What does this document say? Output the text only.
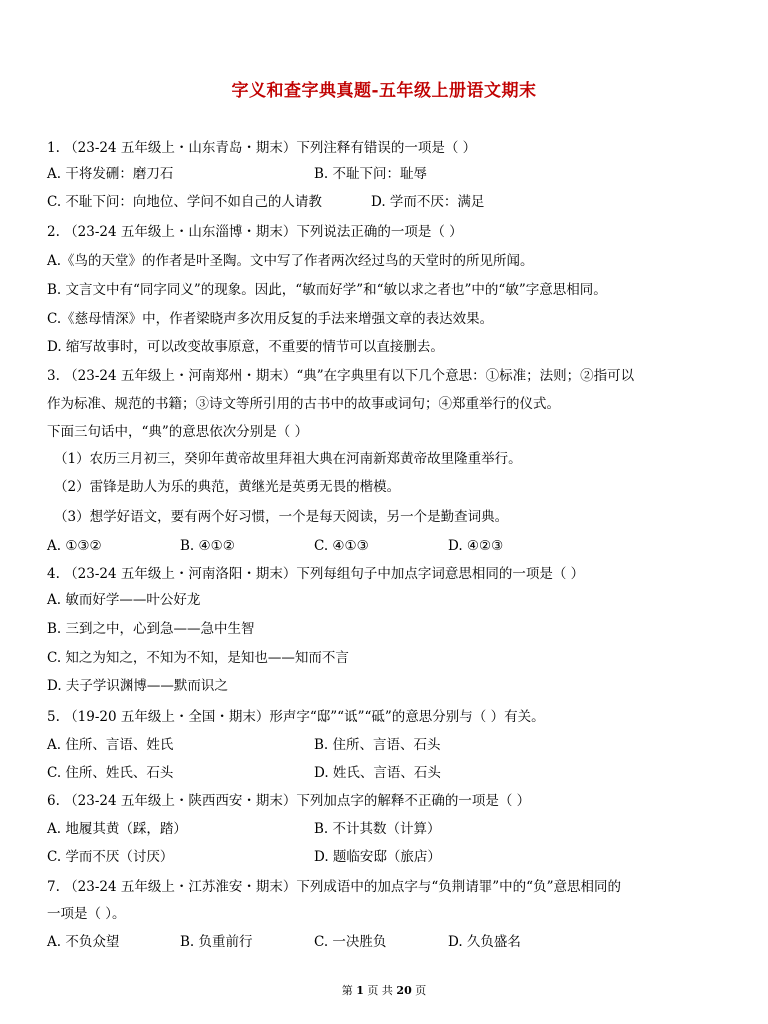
字义和查字典真题-五年级上册语文期末
1. （23-24 五年级上・山东青岛・期末）下列注释有错误的一项是（ ）
A. 干将发硎：磨刀石	B. 不耻下问：耻辱
C. 不耻下问：向地位、学问不如自己的人请教	D. 学而不厌：满足
2. （23-24 五年级上・山东淄博・期末）下列说法正确的一项是（ ）
A.《鸟的天堂》的作者是叶圣陶。文中写了作者两次经过鸟的天堂时的所见所闻。
B. 文言文中有“同字同义”的现象。因此，“敏而好学”和“敏以求之者也”中的“敏”字意思相同。
C.《慈母情深》中，作者梁晓声多次用反复的手法来增强文章的表达效果。
D. 缩写故事时，可以改变故事原意，不重要的情节可以直接删去。
3. （23-24 五年级上・河南郑州・期末）“典”在字典里有以下几个意思：①标准；法则；②指可以
作为标准、规范的书籍；③诗文等所引用的古书中的故事或词句；④郑重举行的仪式。
下面三句话中，“典”的意思依次分别是（ ）
（1）农历三月初三，癸卯年黄帝故里拜祖大典在河南新郑黄帝故里隆重举行。
（2）雷锋是助人为乐的典范，黄继光是英勇无畏的楷模。
（3）想学好语文，要有两个好习惯，一个是每天阅读，另一个是勤查词典。
A. ①③②	B. ④①②	C. ④①③	D. ④②③
4. （23-24 五年级上・河南洛阳・期末）下列每组句子中加点字词意思相同的一项是（ ）
A. 敏而好学——叶公好龙
B. 三到之中，心到急——急中生智
C. 知之为知之，不知为不知，是知也——知而不言
D. 夫子学识渊博——默而识之
5. （19-20 五年级上・全国・期末）形声字“邸”“诋”“砥”的意思分别与（ ）有关。
A. 住所、言语、姓氏	B. 住所、言语、石头
C. 住所、姓氏、石头	D. 姓氏、言语、石头
6. （23-24 五年级上・陕西西安・期末）下列加点字的解释不正确的一项是（ ）
A. 地履其黄（踩，踏）	B. 不计其数（计算）
C. 学而不厌（讨厌）	D. 题临安邸（旅店）
7. （23-24 五年级上・江苏淮安・期末）下列成语中的加点字与“负荆请罪”中的“负”意思相同的
一项是（ ）。
A. 不负众望	B. 负重前行	C. 一决胜负	D. 久负盛名
第 1 页 共 20 页
